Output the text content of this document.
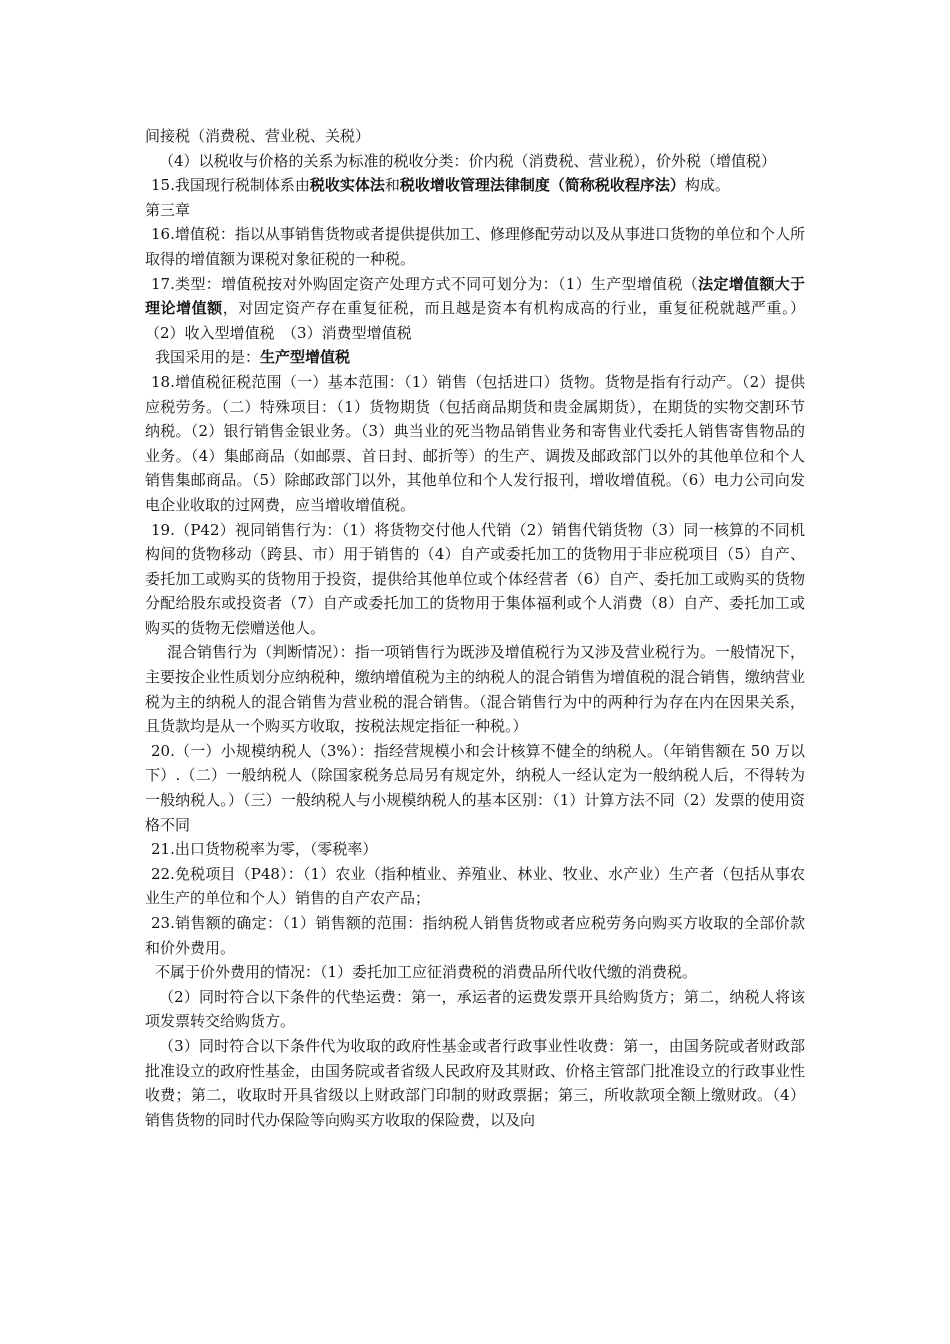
间接税（消费税、营业税、关税）

（4）以税收与价格的关系为标准的税收分类：价内税（消费税、营业税），价外税（增值税）

15.我国现行税制体系由税收实体法和税收增收管理法律制度（简称税收程序法）构成。

第三章

16.增值税：指以从事销售货物或者提供提供加工、修理修配劳动以及从事进口货物的单位和个人所取得的增值额为课税对象征税的一种税。

17.类型：增值税按对外购固定资产处理方式不同可划分为：（1）生产型增值税（法定增值额大于理论增值额，对固定资产存在重复征税，而且越是资本有机构成高的行业，重复征税就越严重。）（2）收入型增值税　（3）消费型增值税

我国采用的是：生产型增值税

18.增值税征税范围（一）基本范围：（1）销售（包括进口）货物。货物是指有行动产。（2）提供应税劳务。（二）特殊项目：（1）货物期货（包括商品期货和贵金属期货），在期货的实物交割环节纳税。（2）银行销售金银业务。（3）典当业的死当物品销售业务和寄售业代委托人销售寄售物品的业务。（4）集邮商品（如邮票、首日封、邮折等）的生产、调拨及邮政部门以外的其他单位和个人销售集邮商品。（5）除邮政部门以外，其他单位和个人发行报刊，增收增值税。（6）电力公司向发电企业收取的过网费，应当增收增值税。

19.（P42）视同销售行为：（1）将货物交付他人代销（2）销售代销货物（3）同一核算的不同机构间的货物移动（跨县、市）用于销售的（4）自产或委托加工的货物用于非应税项目（5）自产、委托加工或购买的货物用于投资，提供给其他单位或个体经营者（6）自产、委托加工或购买的货物分配给股东或投资者（7）自产或委托加工的货物用于集体福利或个人消费（8）自产、委托加工或购买的货物无偿赠送他人。

混合销售行为（判断情况）：指一项销售行为既涉及增值税行为又涉及营业税行为。一般情况下，主要按企业性质划分应纳税种，缴纳增值税为主的纳税人的混合销售为增值税的混合销售，缴纳营业税为主的纳税人的混合销售为营业税的混合销售。（混合销售行为中的两种行为存在内在因果关系，且货款均是从一个购买方收取，按税法规定指征一种税。）

20.（一）小规模纳税人（3%）：指经营规模小和会计核算不健全的纳税人。（年销售额在 50 万以下）.（二）一般纳税人（除国家税务总局另有规定外，纳税人一经认定为一般纳税人后，不得转为一般纳税人。）（三）一般纳税人与小规模纳税人的基本区别：（1）计算方法不同（2）发票的使用资格不同

21.出口货物税率为零，（零税率）

22.免税项目（P48）：（1）农业（指种植业、养殖业、林业、牧业、水产业）生产者（包括从事农业生产的单位和个人）销售的自产农产品；

23.销售额的确定：（1）销售额的范围：指纳税人销售货物或者应税劳务向购买方收取的全部价款和价外费用。

不属于价外费用的情况：（1）委托加工应征消费税的消费品所代收代缴的消费税。

（2）同时符合以下条件的代垫运费：第一，承运者的运费发票开具给购货方；第二，纳税人将该项发票转交给购货方。

（3）同时符合以下条件代为收取的政府性基金或者行政事业性收费：第一，由国务院或者财政部批准设立的政府性基金，由国务院或者省级人民政府及其财政、价格主管部门批准设立的行政事业性收费；第二，收取时开具省级以上财政部门印制的财政票据；第三，所收款项全额上缴财政。（4）销售货物的同时代办保险等向购买方收取的保险费，以及向
